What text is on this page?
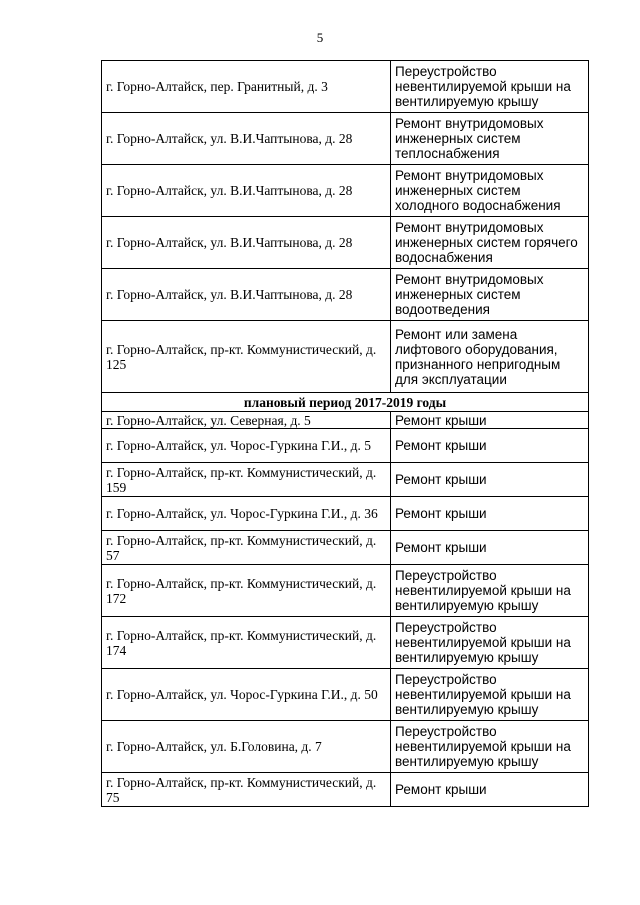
5
г. Горно-Алтайск, пер. Гранитный, д. 3	Переустройство невентилируемой крыши на вентилируемую крышу
г. Горно-Алтайск, ул. В.И.Чаптынова, д. 28	Ремонт внутридомовых инженерных систем теплоснабжения
г. Горно-Алтайск, ул. В.И.Чаптынова, д. 28	Ремонт внутридомовых инженерных систем холодного водоснабжения
г. Горно-Алтайск, ул. В.И.Чаптынова, д. 28	Ремонт внутридомовых инженерных систем горячего водоснабжения
г. Горно-Алтайск, ул. В.И.Чаптынова, д. 28	Ремонт внутридомовых инженерных систем водоотведения
г. Горно-Алтайск, пр-кт. Коммунистический, д. 125	Ремонт или замена лифтового оборудования, признанного непригодным для эксплуатации
плановый период 2017-2019 годы	
г. Горно-Алтайск, ул. Северная, д. 5	Ремонт крыши
г. Горно-Алтайск, ул. Чорос-Гуркина Г.И., д. 5	Ремонт крыши
г. Горно-Алтайск, пр-кт. Коммунистический, д. 159	Ремонт крыши
г. Горно-Алтайск, ул. Чорос-Гуркина Г.И., д. 36	Ремонт крыши
г. Горно-Алтайск, пр-кт. Коммунистический, д. 57	Ремонт крыши
г. Горно-Алтайск, пр-кт. Коммунистический, д. 172	Переустройство невентилируемой крыши на вентилируемую крышу
г. Горно-Алтайск, пр-кт. Коммунистический, д. 174	Переустройство невентилируемой крыши на вентилируемую крышу
г. Горно-Алтайск, ул. Чорос-Гуркина Г.И., д. 50	Переустройство невентилируемой крыши на вентилируемую крышу
г. Горно-Алтайск, ул. Б.Головина, д. 7	Переустройство невентилируемой крыши на вентилируемую крышу
г. Горно-Алтайск, пр-кт. Коммунистический, д. 75	Ремонт крыши
